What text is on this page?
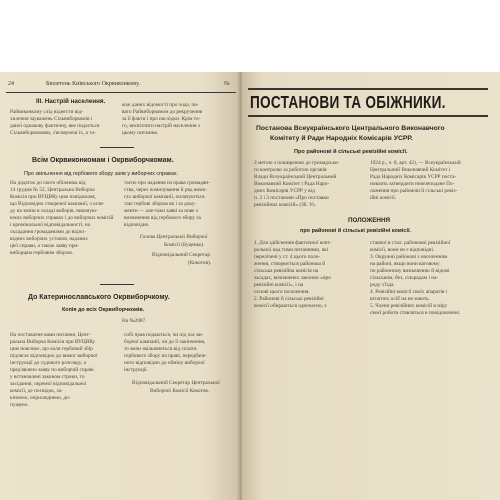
24	Бюлетень Київського Окрвиконкому.	№
III. Настрій населення.
Райвиконкому слід віднести від-
хилення зауважень Сільвиборкомів і
даної однакову фактичну, яке подається
Сільвиборкомами, з'ясовуючи їх, а та-
кож даних відомості про хода, чи-
вато Райвиборкомом до рекручення
за її факти і про наслідки. Крім то-
го, висвітлити настрій населення з
цьому питанню.
Всім Окрвиконкомам і Окрвиборчкомам.
Про звільнення від гербового збору заяв у виборчих справах.
На додаток до свого обіжника від
14 грудня № 52, Центральна Виборча
Комісія при ВУЦВКу цим повідомляє,
що Відповідно створеної кампанії, з огля-
ду на зміни в складі виборів, виконую-
ючих виборчих справах і до виборчих комісій
і кримінальної відповідальності, на
складання громадянами до відпо-
відних виборчих установ, наданих
цієї справи, а також заяву при-
виборцям гербовим збором.
тасно про надання їм права громадян-
ства, через помилування й ряд вимо-
гах виборчої кампанії, оплачуються
такі гербові збором як і за доку-
менти — але-таки заяві за нове з
визначення від гербового збору за
відповідно.
Голова Центральної Виборчої
Комісії (Буценко).
Відповідальний Секретар
(Кокотов).
До Катеринославського Окрвиборчкому.
Копія до всіх Окрвиборчкомів.
На №2087.
На поставлене вами питання, Цент-
ральна Виборча Комісія при ВУЦВКу
цим пояснює, що коли гербовий збір
підлягає відповідно до вимог виборчої
інструкції до судового розгляду, а
пред'явлено заяву по виборчій справі
у встановлені законом строки, то
засідання, окремої відповідальної
комісії, де посвідок, за-
кінчено, оприлюднено, до-
пущено.
собі прав подаються, чи під час ви-
борчої кампанії, чи до її закінчення,
то вони звільняються від сплати
гербового збору на праві, передбаче-
ного відповідно до обміну виборчої
інструкції.
Відповідальний Секретар Центральної
Виборчої Комісії Кокотов.
ПОСТАНОВИ ТА ОБІЖНИКИ.
Постанова Всеукраїнського Центрального Виконавчого
Комітету й Ради Народніх Комісарів УСРР.
Про районові й сільські ревізійні комісії.
З метою з поширеною до громадсько-
го контролю за роботою органів
Влади Всеукраїнський Центральний
Виконавчий Комітет і Рада Наро-
дних Комісарів УСРР у від
п. 2 і 3 постанови «Про поставки
ревізійних комісій» (Зб. Уз.
1924 р., ч. 8, арт. 42), — Всеукраїнський
Центральний Виконавчий Комітет і
Рада Народніх Комісарів УСРР поста-
новлять затвердити нижчеподане По-
ложення про районові й сільські ревіз-
ійні комісії.
ПОЛОЖЕННЯ
про районові й сільські ревізійні комісії.
1. Для здійснення фактичної конт-
рольної над тими питаннями, які
перелічені у ст. 4 цього поло-
ження, створюється районова й
сільська ревізійна комісія на
засадах, визначених законом «про
ревізійні комісії», і на
основі цього положення.
2. Районові й сільські ревізійні
комісії обираються одночасно, з
ставної в стал. районової ревізійної
комісії, вони не є відповідні.
3. Окружні районові з населенням
на районі, якщо вони ваговому
по районному визначенню й відомі
сільським, без, сільрадам і на-
роду з'їзда.
4. Ревізійні комісії своїх апаратів і
штатних осіб на не мають.
5. Члени ревізійних комісій в міру
своєї роботи ставляться в повідомленні.
